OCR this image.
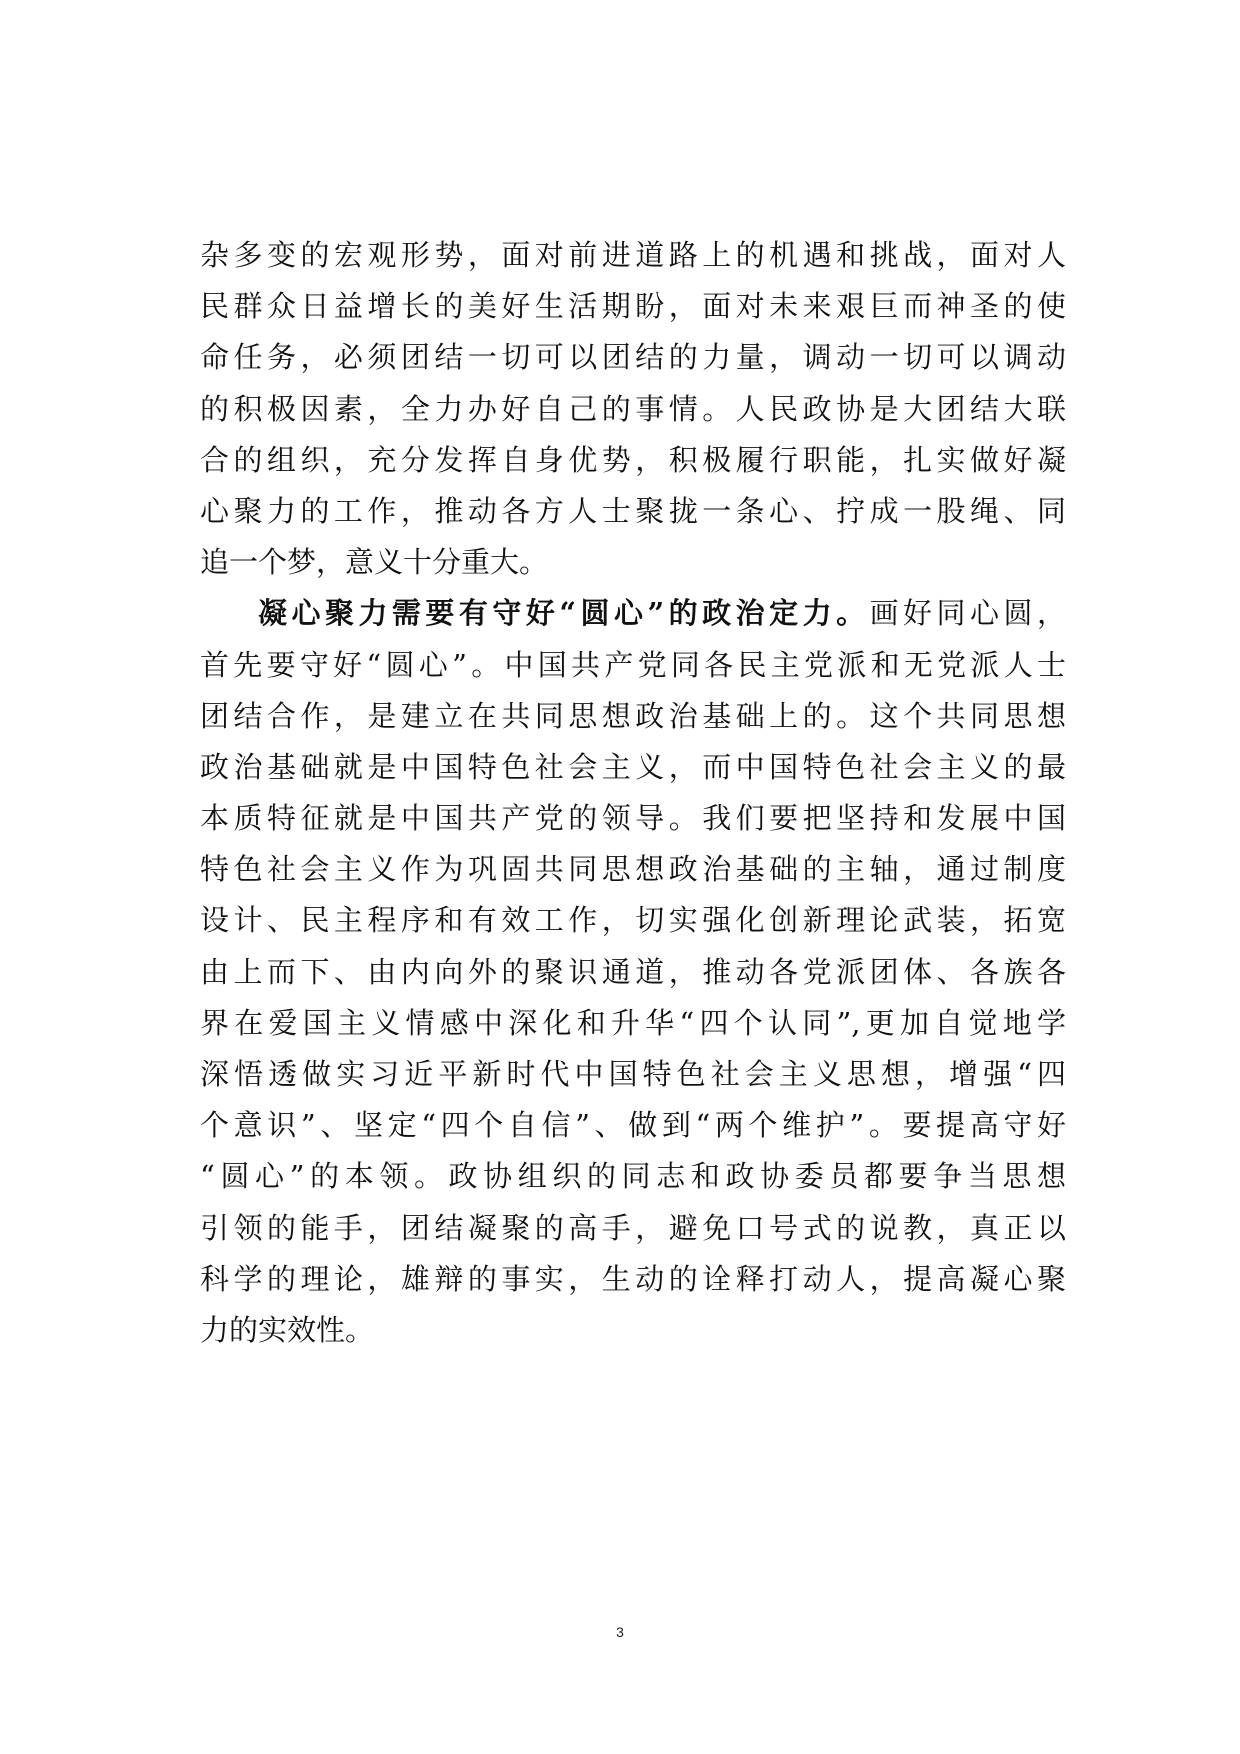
杂多变的宏观形势，面对前进道路上的机遇和挑战，面对人
民群众日益增长的美好生活期盼，面对未来艰巨而神圣的使
命任务，必须团结一切可以团结的力量，调动一切可以调动
的积极因素，全力办好自己的事情。人民政协是大团结大联
合的组织，充分发挥自身优势，积极履行职能，扎实做好凝
心聚力的工作，推动各方人士聚拢一条心、拧成一股绳、同
追一个梦，意义十分重大。
凝心聚力需要有守好“圆心”的政治定力。画好同心圆，
首先要守好“圆心”。中国共产党同各民主党派和无党派人士
团结合作，是建立在共同思想政治基础上的。这个共同思想
政治基础就是中国特色社会主义，而中国特色社会主义的最
本质特征就是中国共产党的领导。我们要把坚持和发展中国
特色社会主义作为巩固共同思想政治基础的主轴，通过制度
设计、民主程序和有效工作，切实强化创新理论武装，拓宽
由上而下、由内向外的聚识通道，推动各党派团体、各族各
界在爱国主义情感中深化和升华“四个认同”,更加自觉地学
深悟透做实习近平新时代中国特色社会主义思想，增强“四
个意识”、坚定“四个自信”、做到“两个维护”。要提高守好
“圆心”的本领。政协组织的同志和政协委员都要争当思想
引领的能手，团结凝聚的高手，避免口号式的说教，真正以
科学的理论，雄辩的事实，生动的诠释打动人，提高凝心聚
力的实效性。
3
